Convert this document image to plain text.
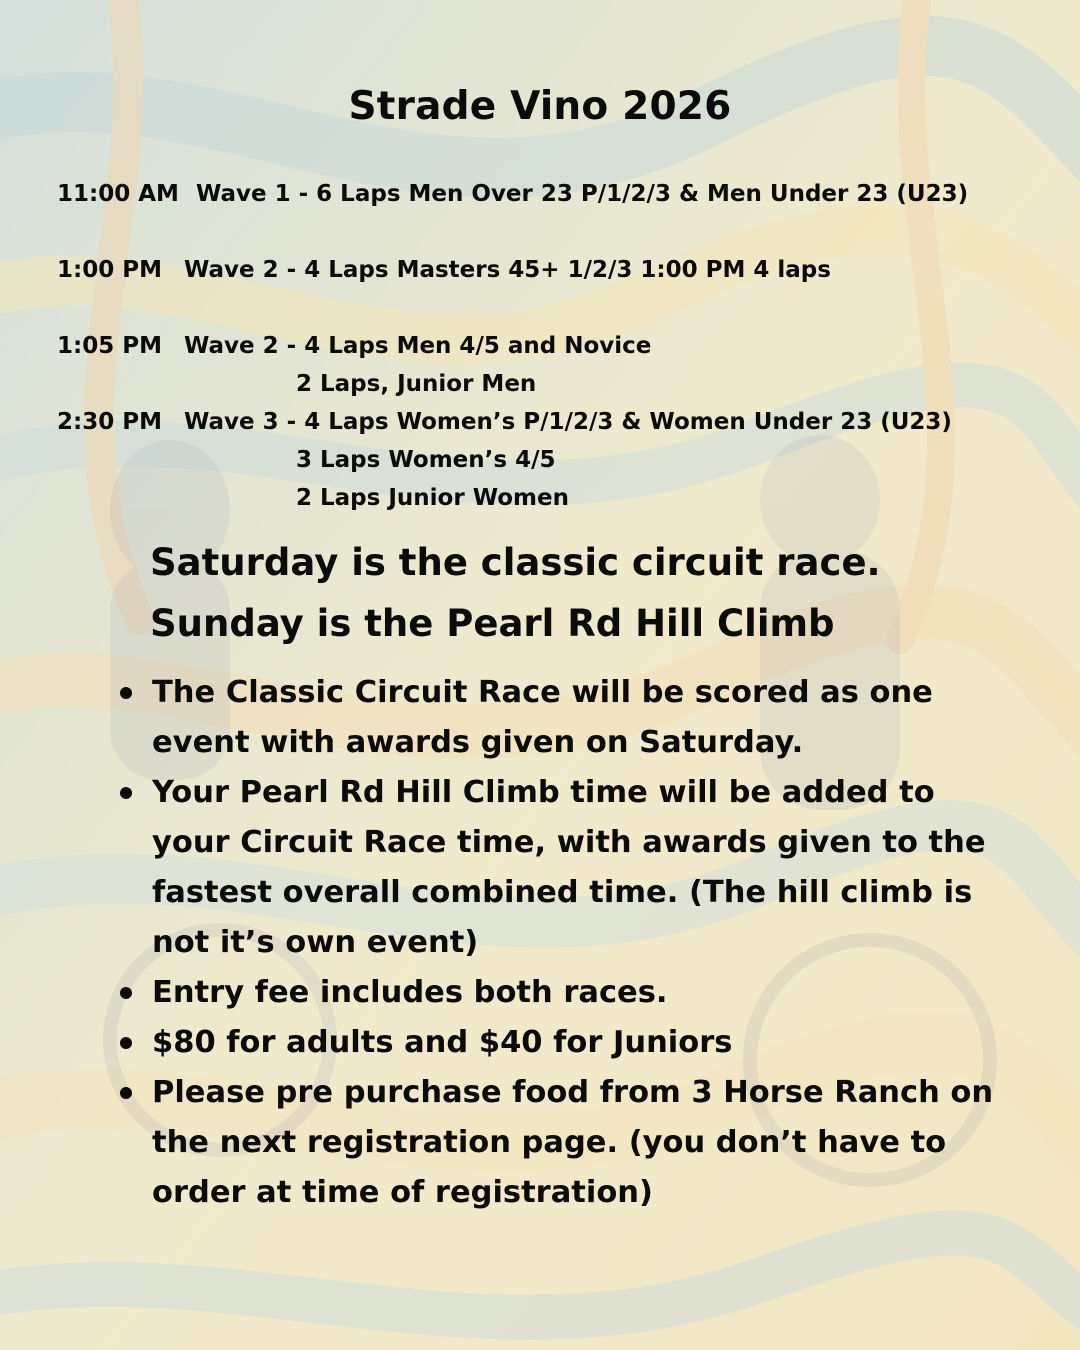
Strade Vino 2026
11:00 AM Wave 1 - 6 Laps Men Over 23 P/1/2/3 & Men Under 23 (U23)
1:00 PM Wave 2 - 4 Laps Masters 45+ 1/2/3 1:00 PM 4 laps
1:05 PM Wave 2 - 4 Laps Men 4/5 and Novice
2 Laps, Junior Men
2:30 PM Wave 3 - 4 Laps Women’s P/1/2/3 & Women Under 23 (U23)
3 Laps Women’s 4/5
2 Laps Junior Women
Saturday is the classic circuit race.
Sunday is the Pearl Rd Hill Climb
The Classic Circuit Race will be scored as one event with awards given on Saturday.
Your Pearl Rd Hill Climb time will be added to your Circuit Race time, with awards given to the fastest overall combined time. (The hill climb is not it’s own event)
Entry fee includes both races.
$80 for adults and $40 for Juniors
Please pre purchase food from 3 Horse Ranch on the next registration page. (you don’t have to order at time of registration)
